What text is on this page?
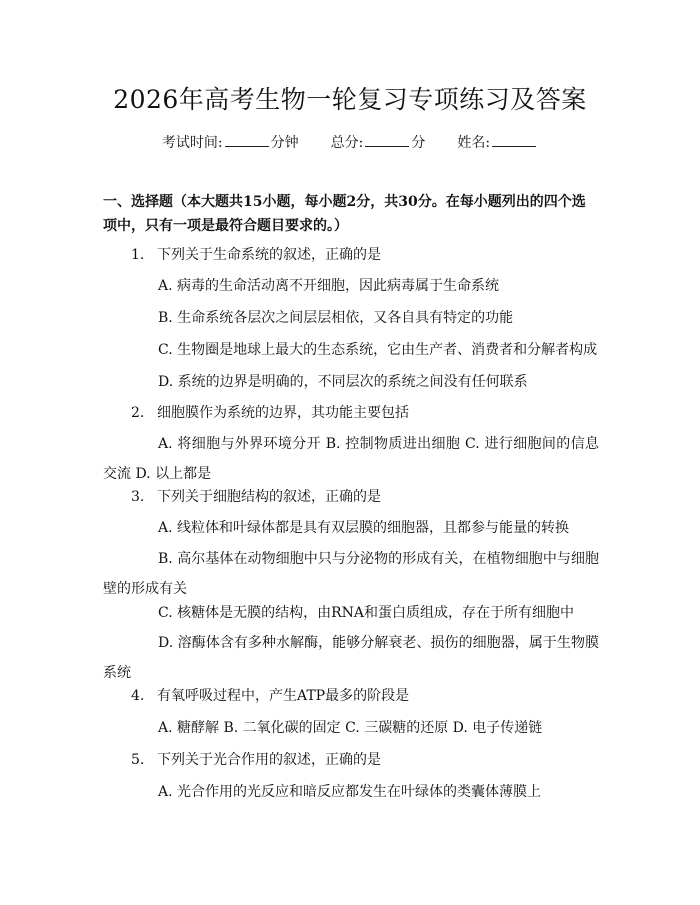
2026年高考生物一轮复习专项练习及答案
考试时间:	分钟 总分:	分 姓名:
一、选择题（本大题共15小题，每小题2分，共30分。在每小题列出的四个选项中，只有一项是最符合题目要求的。）
1. 下列关于生命系统的叙述，正确的是
A. 病毒的生命活动离不开细胞，因此病毒属于生命系统
B. 生命系统各层次之间层层相依，又各自具有特定的功能
C. 生物圈是地球上最大的生态系统，它由生产者、消费者和分解者构成
D. 系统的边界是明确的，不同层次的系统之间没有任何联系
2. 细胞膜作为系统的边界，其功能主要包括
A. 将细胞与外界环境分开 B. 控制物质进出细胞 C. 进行细胞间的信息交流 D. 以上都是
3. 下列关于细胞结构的叙述，正确的是
A. 线粒体和叶绿体都是具有双层膜的细胞器，且都参与能量的转换
B. 高尔基体在动物细胞中只与分泌物的形成有关，在植物细胞中与细胞壁的形成有关
C. 核糖体是无膜的结构，由RNA和蛋白质组成，存在于所有细胞中
D. 溶酶体含有多种水解酶，能够分解衰老、损伤的细胞器，属于生物膜系统
4. 有氧呼吸过程中，产生ATP最多的阶段是
A. 糖酵解 B. 二氧化碳的固定 C. 三碳糖的还原 D. 电子传递链
5. 下列关于光合作用的叙述，正确的是
A. 光合作用的光反应和暗反应都发生在叶绿体的类囊体薄膜上
